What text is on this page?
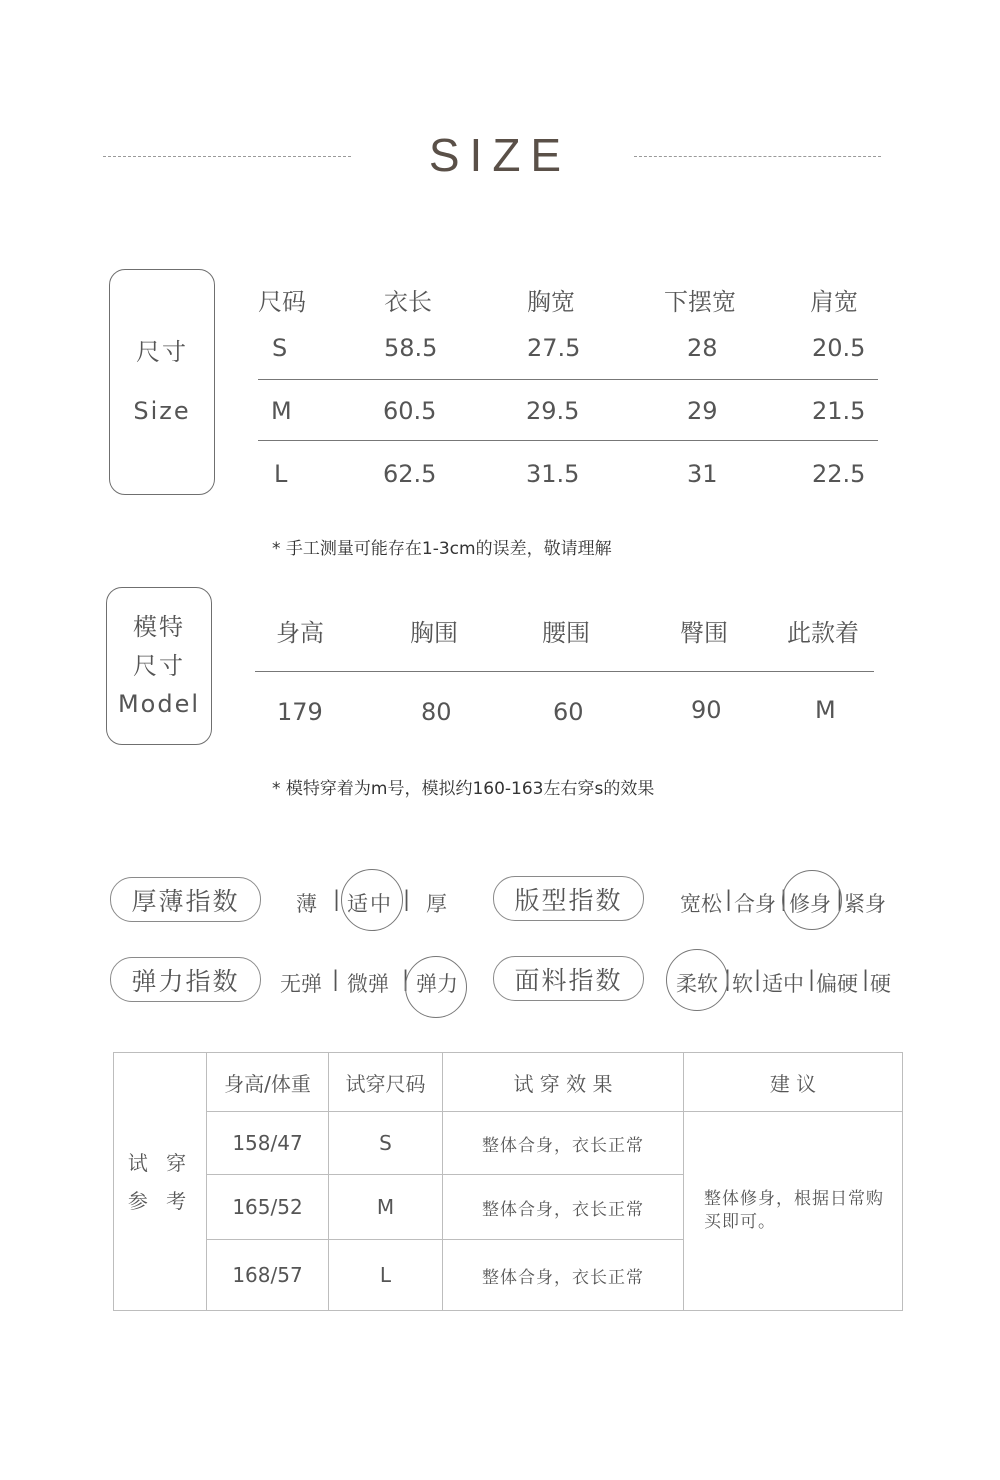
SIZE
尺寸
Size
尺码	衣长	胸宽	下摆宽	肩宽
S	58.5	27.5	28	20.5
M	60.5	29.5	29	21.5
L	62.5	31.5	31	22.5
* 手工测量可能存在1-3cm的误差，敬请理解
模特
尺寸
Model
身高	胸围	腰围	臀围 此款着
179	80	60	90	M
* 模特穿着为m号，模拟约160-163左右穿s的效果
厚薄指数	薄 | 适中 | 厚	版型指数	宽松 | 合身 | 修身 | 紧身
弹力指数	无弹 | 微弹 | 弹力	面料指数	柔软 | 软 | 适中 | 偏硬 | 硬
试 穿
参 考	身高/体重	试穿尺码	试 穿 效 果	建 议
	158/47	S	整体合身，衣长正常	整体修身，根据日常购买即可。
	165/52	M	整体合身，衣长正常	
	168/57	L	整体合身，衣长正常	
